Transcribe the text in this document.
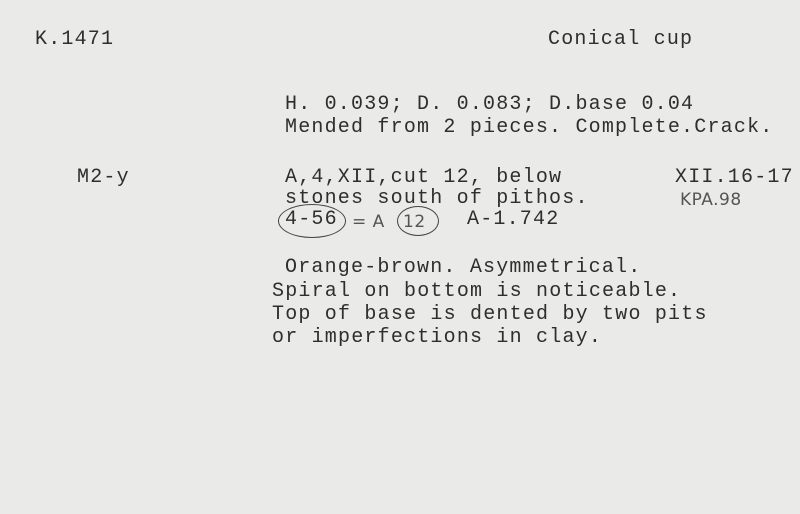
K.1471	Conical cup
H. 0.039; D. 0.083; D.base 0.04
Mended from 2 pieces. Complete.Crack.
M2-y	A,4,XII,cut 12, below
stones south of pithos.
4-56 = A 12 A-1.742
XII.16-17
KPA.98
Orange-brown. Asymmetrical.
Spiral on bottom is noticeable.
Top of base is dented by two pits
or imperfections in clay.
